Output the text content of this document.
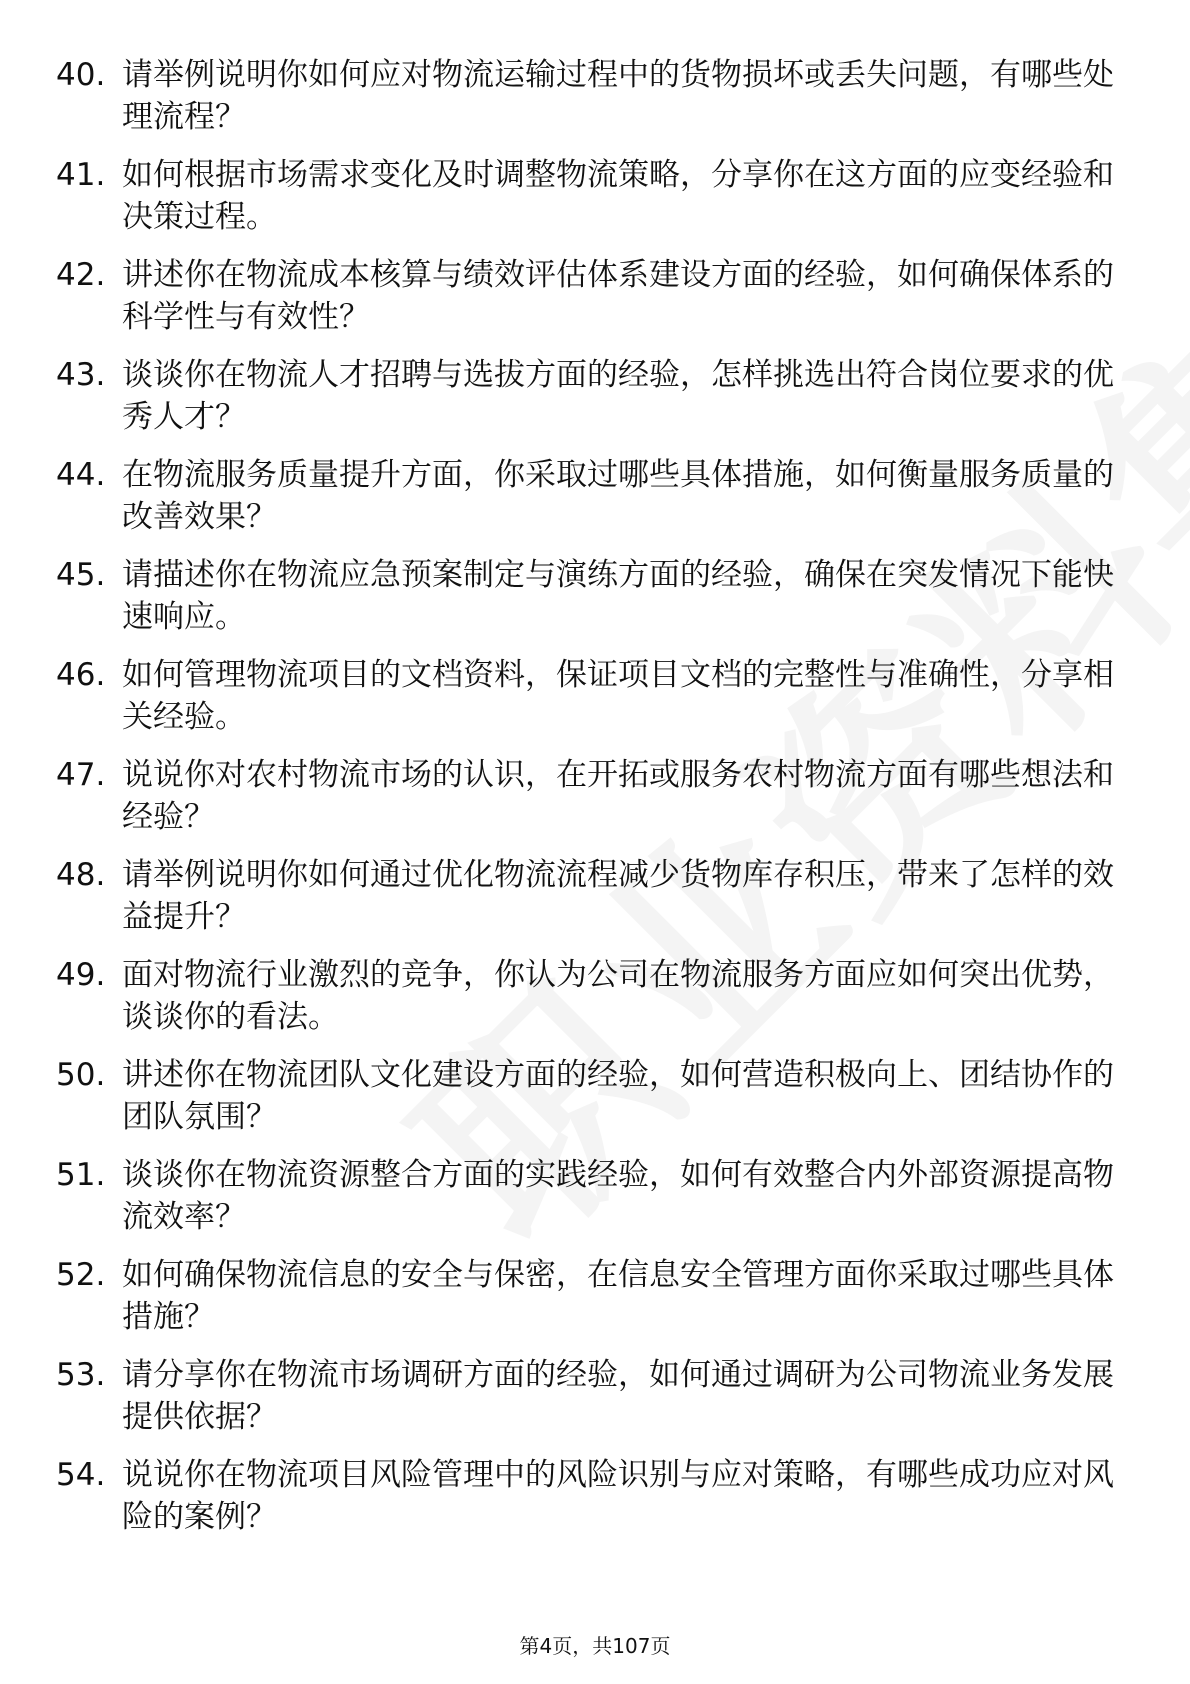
40. 请举例说明你如何应对物流运输过程中的货物损坏或丢失问题，有哪些处理流程？
41. 如何根据市场需求变化及时调整物流策略，分享你在这方面的应变经验和决策过程。
42. 讲述你在物流成本核算与绩效评估体系建设方面的经验，如何确保体系的科学性与有效性？
43. 谈谈你在物流人才招聘与选拔方面的经验，怎样挑选出符合岗位要求的优秀人才？
44. 在物流服务质量提升方面，你采取过哪些具体措施，如何衡量服务质量的改善效果？
45. 请描述你在物流应急预案制定与演练方面的经验，确保在突发情况下能快速响应。
46. 如何管理物流项目的文档资料，保证项目文档的完整性与准确性，分享相关经验。
47. 说说你对农村物流市场的认识，在开拓或服务农村物流方面有哪些想法和经验？
48. 请举例说明你如何通过优化物流流程减少货物库存积压，带来了怎样的效益提升？
49. 面对物流行业激烈的竞争，你认为公司在物流服务方面应如何突出优势，谈谈你的看法。
50. 讲述你在物流团队文化建设方面的经验，如何营造积极向上、团结协作的团队氛围？
51. 谈谈你在物流资源整合方面的实践经验，如何有效整合内外部资源提高物流效率？
52. 如何确保物流信息的安全与保密，在信息安全管理方面你采取过哪些具体措施？
53. 请分享你在物流市场调研方面的经验，如何通过调研为公司物流业务发展提供依据？
54. 说说你在物流项目风险管理中的风险识别与应对策略，有哪些成功应对风险的案例？
第4页，共107页
